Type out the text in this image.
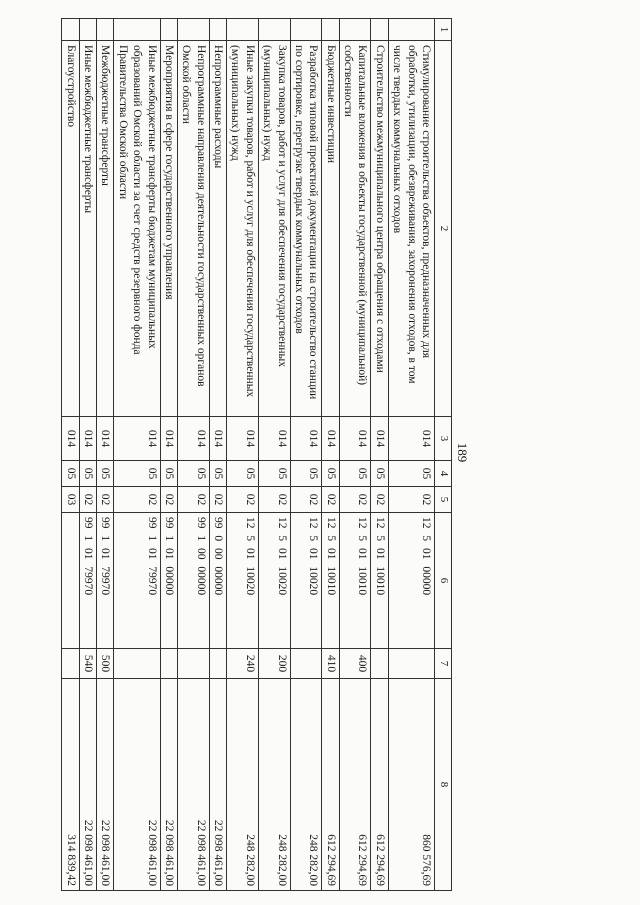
189
1	2	3	4	5	6	7	8
	Стимулирование строительства объектов, предназначенных для обработки, утилизации, обезвреживания, захоронения отходов, в том числе твердых коммунальных отходов	014	05	02	12 5 01 00000		860 576,69
	Строительство межмуниципального центра обращения с отходами	014	05	02	12 5 01 10010		612 294,69
	Капитальные вложения в объекты государственной (муниципальной) собственности	014	05	02	12 5 01 10010	400	612 294,69
	Бюджетные инвестиции	014	05	02	12 5 01 10010	410	612 294,69
	Разработка типовой проектной документации на строительство станции по сортировке, перегрузке твердых коммунальных отходов	014	05	02	12 5 01 10020		248 282,00
	Закупка товаров, работ и услуг для обеспечения государственных (муниципальных) нужд	014	05	02	12 5 01 10020	200	248 282,00
	Иные закупки товаров, работ и услуг для обеспечения государственных (муниципальных) нужд	014	05	02	12 5 01 10020	240	248 282,00
	Непрограммные расходы	014	05	02	99 0 00 00000		22 098 461,00
	Непрограммные направления деятельности государственных органов Омской области	014	05	02	99 1 00 00000		22 098 461,00
	Мероприятия в сфере государственного управления	014	05	02	99 1 01 00000		22 098 461,00
	Иные межбюджетные трансферты бюджетам муниципальных образований Омской области за счет средств резервного фонда Правительства Омской области	014	05	02	99 1 01 79970		22 098 461,00
	Межбюджетные трансферты	014	05	02	99 1 01 79970	500	22 098 461,00
	Иные межбюджетные трансферты	014	05	02	99 1 01 79970	540	22 098 461,00
	Благоустройство	014	05	03			314 839,42
